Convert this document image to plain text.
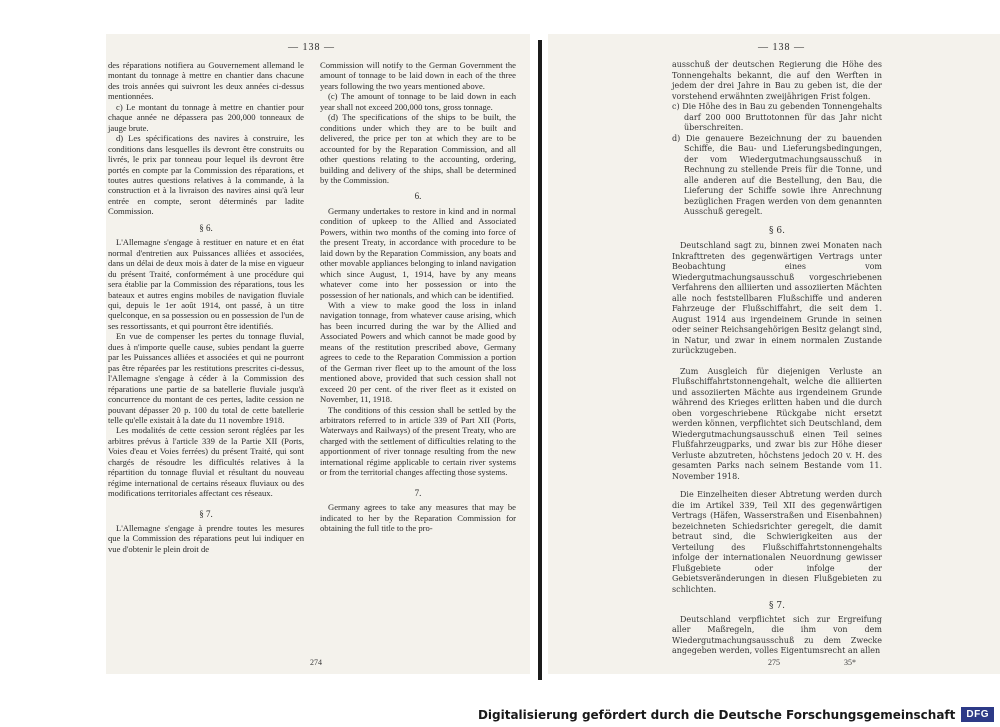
— 138 —

des réparations notifiera au Gouvernement allemand le montant du tonnage à mettre en chantier dans chacune des trois années qui suivront les deux années ci-dessus mentionnées.

c) Le montant du tonnage à mettre en chantier pour chaque année ne dépassera pas 200,000 tonneaux de jauge brute.

d) Les spécifications des navires à construire, les conditions dans lesquelles ils devront être construits ou livrés, le prix par tonneau pour lequel ils devront être portés en compte par la Commission des réparations, et toutes autres questions relatives à la commande, à la construction et à la livraison des navires ainsi qu'à leur entrée en compte, seront déterminés par ladite Commission.

§ 6.

L'Allemagne s'engage à restituer en nature et en état normal d'entretien aux Puissances alliées et associées, dans un délai de deux mois à dater de la mise en vigueur du présent Traité, conformément à une procédure qui sera établie par la Commission des réparations, tous les bateaux et autres engins mobiles de navigation fluviale qui, depuis le 1er août 1914, ont passé, à un titre quelconque, en sa possession ou en possession de l'un de ses ressortissants, et qui pourront être identifiés.

En vue de compenser les pertes du tonnage fluvial, dues à n'importe quelle cause, subies pendant la guerre par les Puissances alliées et associées et qui ne pourront pas être réparées par les restitutions prescrites ci-dessus, l'Allemagne s'engage à céder à la Commission des réparations une partie de sa batellerie fluviale jusqu'à concurrence du montant de ces pertes, ladite cession ne pouvant dépasser 20 p. 100 du total de cette batellerie telle qu'elle existait à la date du 11 novembre 1918.

Les modalités de cette cession seront réglées par les arbitres prévus à l'article 339 de la Partie XII (Ports, Voies d'eau et Voies ferrées) du présent Traité, qui sont chargés de résoudre les difficultés relatives à la répartition du tonnage fluvial et résultant du nouveau régime international de certains réseaux fluviaux ou des modifications territoriales affectant ces réseaux.

§ 7.

L'Allemagne s'engage à prendre toutes les mesures que la Commission des réparations peut lui indiquer en vue d'obtenir le plein droit de

Commission will notify to the German Government the amount of tonnage to be laid down in each of the three years following the two years mentioned above.

(c) The amount of tonnage to be laid down in each year shall not exceed 200,000 tons, gross tonnage.

(d) The specifications of the ships to be built, the conditions under which they are to be built and delivered, the price per ton at which they are to be accounted for by the Reparation Commission, and all other questions relating to the accounting, ordering, building and delivery of the ships, shall be determined by the Commission.

6.

Germany undertakes to restore in kind and in normal condition of upkeep to the Allied and Associated Powers, within two months of the coming into force of the present Treaty, in accordance with procedure to be laid down by the Reparation Commission, any boats and other movable appliances belonging to inland navigation which since August, 1, 1914, have by any means whatever come into her possession or into the possession of her nationals, and which can be identified.

With a view to make good the loss in inland navigation tonnage, from whatever cause arising, which has been incurred during the war by the Allied and Associated Powers and which cannot be made good by means of the restitution prescribed above, Germany agrees to cede to the Reparation Commission a portion of the German river fleet up to the amount of the loss mentioned above, provided that such cession shall not exceed 20 per cent. of the river fleet as it existed on November, 11, 1918.

The conditions of this cession shall be settled by the arbitrators referred to in article 339 of Part XII (Ports, Waterways and Railways) of the present Treaty, who are charged with the settlement of difficulties relating to the apportionment of river tonnage resulting from the new international régime applicable to certain river systems or from the territorial changes affecting those systems.

7.

Germany agrees to take any measures that may be indicated to her by the Reparation Commission for obtaining the full title to the pro-

274
— 138 —

ausschuß der deutschen Regierung die Höhe des Tonnengehalts bekannt, die auf den Werften in jedem der drei Jahre in Bau zu geben ist, die der vorstehend erwähnten zweijährigen Frist folgen.

c) Die Höhe des in Bau zu gebenden Tonnengehalts darf 200 000 Bruttotonnen für das Jahr nicht überschreiten.

d) Die genauere Bezeichnung der zu bauenden Schiffe, die Bau- und Lieferungsbedingungen, der vom Wiedergutmachungsausschuß in Rechnung zu stellende Preis für die Tonne, und alle anderen auf die Bestellung, den Bau, die Lieferung der Schiffe sowie ihre Anrechnung bezüglichen Fragen werden von dem genannten Ausschuß geregelt.

§ 6.

Deutschland sagt zu, binnen zwei Monaten nach Inkrafttreten des gegenwärtigen Vertrags unter Beobachtung eines vom Wiedergutmachungsausschuß vorgeschriebenen Verfahrens den alliierten und assoziierten Mächten alle noch feststellbaren Flußschiffe und anderen Fahrzeuge der Flußschiffahrt, die seit dem 1. August 1914 aus irgendeinem Grunde in seinen oder seiner Reichsangehörigen Besitz gelangt sind, in Natur, und zwar in einem normalen Zustande zurückzugeben.

Zum Ausgleich für diejenigen Verluste an Flußschiffahrtstonnengehalt, welche die alliierten und assoziierten Mächte aus irgendeinem Grunde während des Krieges erlitten haben und die durch oben vorgeschriebene Rückgabe nicht ersetzt werden können, verpflichtet sich Deutschland, dem Wiedergutmachungsausschuß einen Teil seines Flußfahrzeugparks, und zwar bis zur Höhe dieser Verluste abzutreten, höchstens jedoch 20 v. H. des gesamten Parks nach seinem Bestande vom 11. November 1918.

Die Einzelheiten dieser Abtretung werden durch die im Artikel 339, Teil XII des gegenwärtigen Vertrags (Häfen, Wasserstraßen und Eisenbahnen) bezeichneten Schiedsrichter geregelt, die damit betraut sind, die Schwierigkeiten aus der Verteilung des Flußschiffahrtstonnengehalts infolge der internationalen Neuordnung gewisser Flußgebiete oder infolge der Gebietsveränderungen in diesen Flußgebieten zu schlichten.

§ 7.

Deutschland verpflichtet sich zur Ergreifung aller Maßregeln, die ihm von dem Wiedergutmachungsausschuß zu dem Zwecke angegeben werden, volles Eigentumsrecht an allen

275	35*
Digitalisierung gefördert durch die Deutsche Forschungsgemeinschaft	DFG
